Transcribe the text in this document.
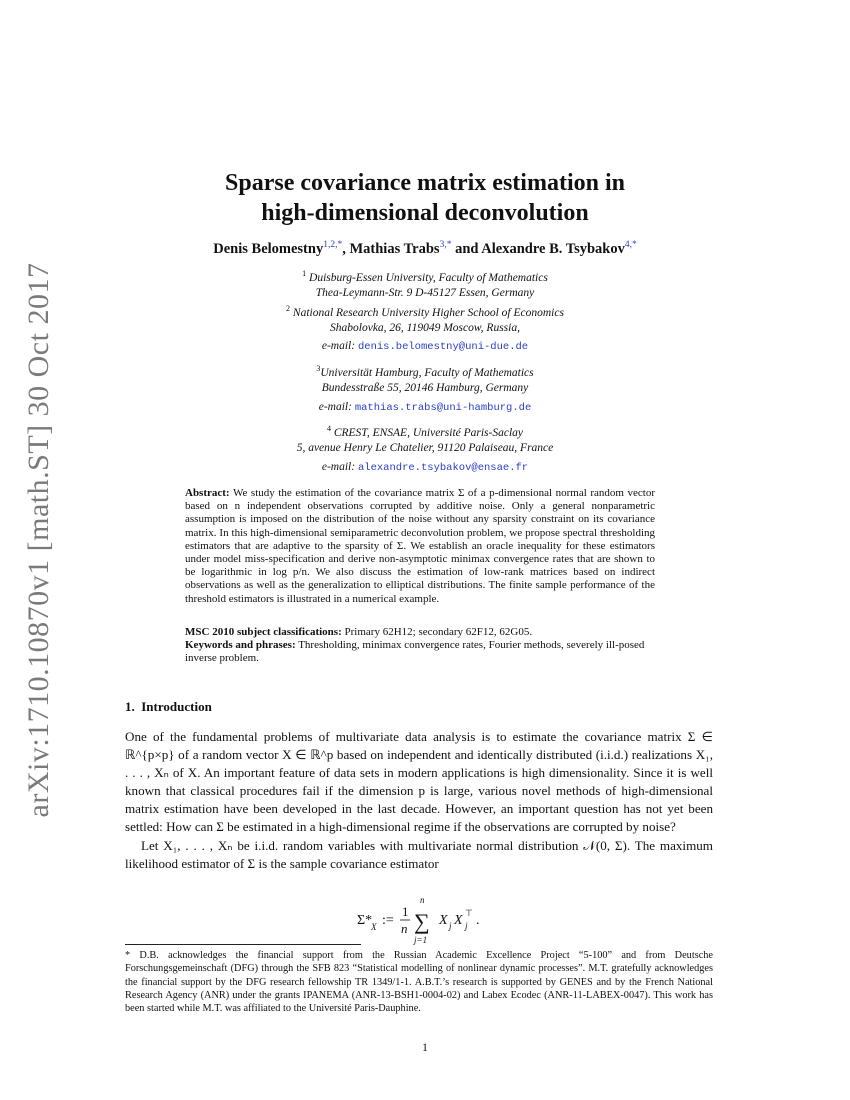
arXiv:1710.10870v1 [math.ST] 30 Oct 2017
Sparse covariance matrix estimation in
high-dimensional deconvolution
Denis Belomestny$^{1,2,*}$, Mathias Trabs$^{3,*}$ and Alexandre B. Tsybakov$^{4,*}$
$^1$ Duisburg-Essen University, Faculty of Mathematics
Thea-Leymann-Str. 9 D-45127 Essen, Germany
$^2$ National Research University Higher School of Economics
Shabolovka, 26, 119049 Moscow, Russia,
e-mail: denis.belomestny@uni-due.de
$^3$Universität Hamburg, Faculty of Mathematics
Bundesstraße 55, 20146 Hamburg, Germany
e-mail: mathias.trabs@uni-hamburg.de
$^4$ CREST, ENSAE, Université Paris-Saclay
5, avenue Henry Le Chatelier, 91120 Palaiseau, France
e-mail: alexandre.tsybakov@ensae.fr
Abstract: We study the estimation of the covariance matrix Σ of a p-dimensional normal random vector based on n independent observations corrupted by additive noise. Only a general nonparametric assumption is imposed on the distribution of the noise without any sparsity constraint on its covariance matrix. In this high-dimensional semiparametric deconvolution problem, we propose spectral thresholding estimators that are adaptive to the sparsity of Σ. We establish an oracle inequality for these estimators under model miss-specification and derive non-asymptotic minimax convergence rates that are shown to be logarithmic in log p/n. We also discuss the estimation of low-rank matrices based on indirect observations as well as the generalization to elliptical distributions. The finite sample performance of the threshold estimators is illustrated in a numerical example.
MSC 2010 subject classifications: Primary 62H12; secondary 62F12, 62G05.
Keywords and phrases: Thresholding, minimax convergence rates, Fourier methods, severely ill-posed inverse problem.
1. Introduction

One of the fundamental problems of multivariate data analysis is to estimate the covariance matrix Σ ∈ ℝ^{p×p} of a random vector X ∈ ℝ^p based on independent and identically distributed (i.i.d.) realizations X₁, . . . , Xₙ of X. An important feature of data sets in modern applications is high dimensionality. Since it is well known that classical procedures fail if the dimension p is large, various novel methods of high-dimensional matrix estimation have been developed in the last decade. However, an important question has not yet been settled: How can Σ be estimated in a high-dimensional regime if the observations are corrupted by noise?

Let X₁, . . . , Xₙ be i.i.d. random variables with multivariate normal distribution 𝒩(0, Σ). The maximum likelihood estimator of Σ is the sample covariance estimator

Σ*
X :=
1
n
n
∑
j=1
X j X ⊤
j .
* D.B. acknowledges the financial support from the Russian Academic Excellence Project “5-100” and from Deutsche Forschungsgemeinschaft (DFG) through the SFB 823 “Statistical modelling of nonlinear dynamic processes”. M.T. gratefully acknowledges the financial support by the DFG research fellowship TR 1349/1-1. A.B.T.’s research is supported by GENES and by the French National Research Agency (ANR) under the grants IPANEMA (ANR-13-BSH1-0004-02) and Labex Ecodec (ANR-11-LABEX-0047). This work has been started while M.T. was affiliated to the Université Paris-Dauphine.
1
